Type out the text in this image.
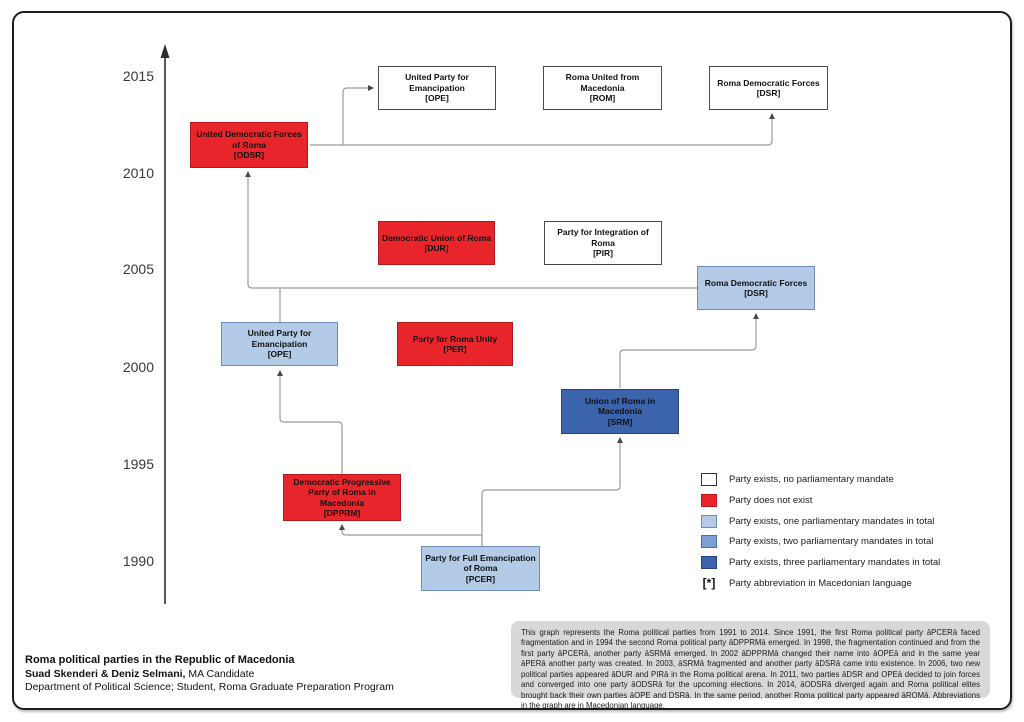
2015
2010
2005
2000
1995
1990
United Party for Emancipation
[OPE]
Roma United from Macedonia
[ROM]
Roma Democratic Forces
[DSR]
United Democratic Forces of Roma
[ODSR]
Democratic Union of Roma
[DUR]
Party for Integration of Roma
[PIR]
Roma Democratic Forces
[DSR]
United Party for Emancipation
[OPE]
Party for Roma Unity
[PER]
Union of Roma in Macedonia
[SRM]
Democratic Progressive Party of Roma in Macedonia
[DPPRM]
Party for Full Emancipation of Roma
[PCER]
Party exists, no parliamentary mandate
Party does not exist
Party exists, one parliamentary mandates in total
Party exists, two parliamentary mandates in total
Party exists, three parliamentary mandates in total
[*] Party abbreviation in Macedonian language
This graph represents the Roma political parties from 1991 to 2014. Since 1991, the first Roma political party āPCERā faced fragmentation and in 1994 the second Roma political party āDPPRMā emerged. In 1998, the fragmentation continued and from the first party āPCERā, another party āSRMā emerged. In 2002 āDPPRMā changed their name into āOPEā and in the same year āPERā another party was created. In 2003, āSRMā fragmented and another party āDSRā came into existence. In 2006, two new political parties appeared āDUR and PIRā in the Roma political arena. In 2011, two parties āDSR and OPEā decided to join forces and converged into one party āODSRā for the upcoming elections. In 2014, āODSRā diverged again and Roma political elites brought back their own parties āOPE and DSRā. In the same period, another Roma political party appeared āROMā. Abbreviations in the graph are in Macedonian language.
Roma political parties in the Republic of Macedonia
Suad Skenderi & Deniz Selmani, MA Candidate
Department of Political Science; Student, Roma Graduate Preparation Program
